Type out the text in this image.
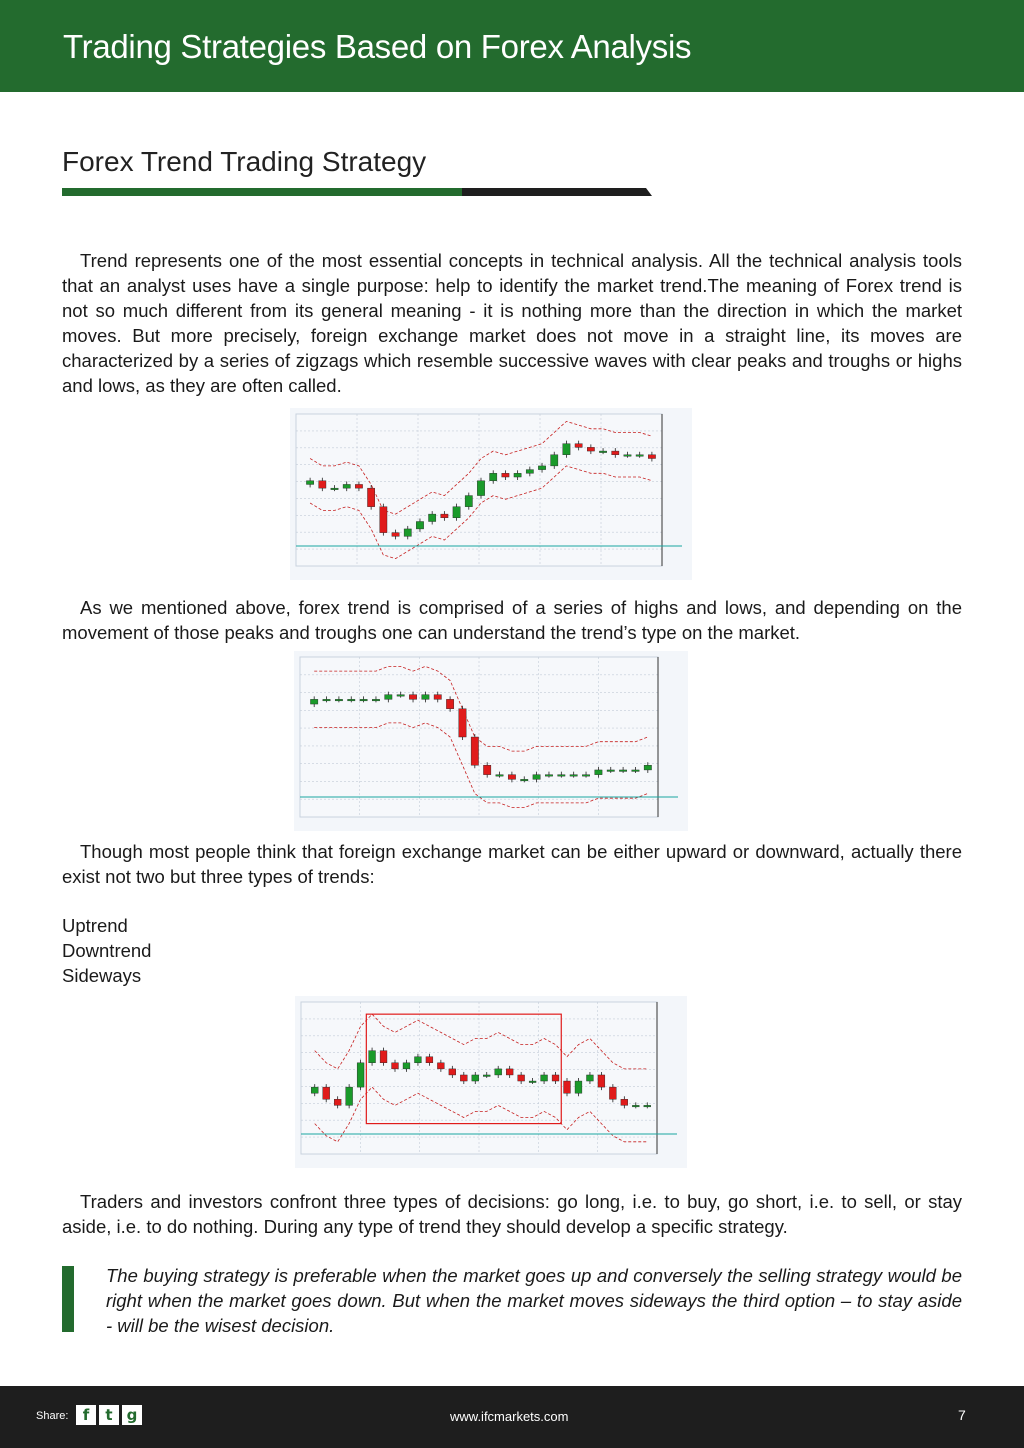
Trading Strategies Based on Forex Analysis
Forex Trend Trading Strategy

Trend represents one of the most essential concepts in technical analysis. All the technical analysis tools that an analyst uses have a single purpose: help to identify the market trend.The meaning of Forex trend is not so much different from its general meaning - it is nothing more than the direction in which the market moves. But more precisely, foreign exchange market does not move in a straight line, its moves are characterized by a series of zigzags which resemble successive waves with clear peaks and troughs or highs and lows, as they are often called.

As we mentioned above, forex trend is comprised of a series of highs and lows, and depending on the movement of those peaks and troughs one can understand the trend’s type on the market.

Though most people think that foreign exchange market can be either upward or downward, actually there exist not two but three types of trends:

Uptrend
Downtrend
Sideways

Traders and investors confront three types of decisions: go long, i.e. to buy, go short, i.e. to sell, or stay aside, i.e. to do nothing. During any type of trend they should develop a specific strategy.

The buying strategy is preferable when the market goes up and conversely the selling strategy would be right when the market goes down. But when the market moves sideways the third option – to stay aside - will be the wisest decision.

Share: f	t g	www.ifcmarkets.com	7
